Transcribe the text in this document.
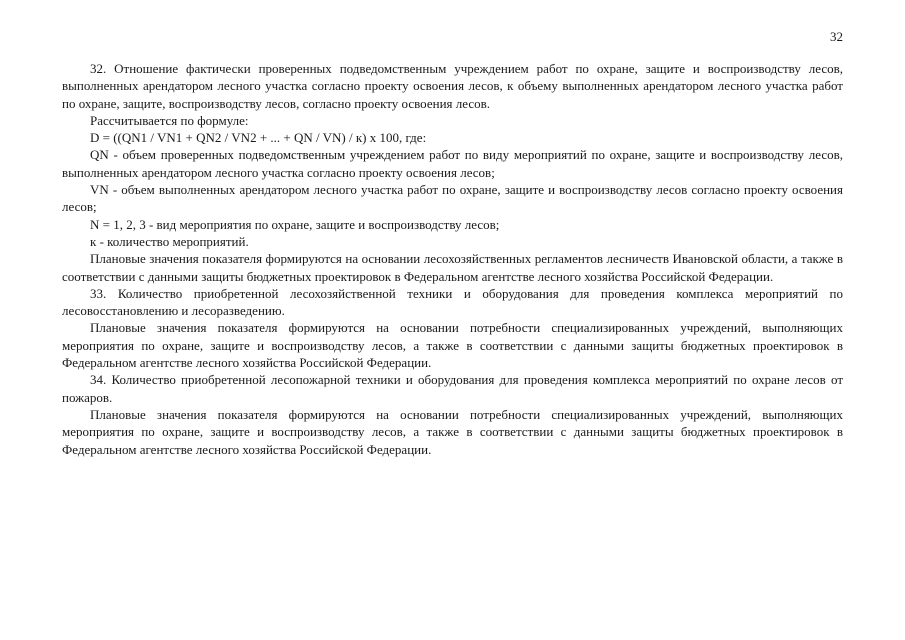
32

32. Отношение фактически проверенных подведомственным учреждением работ по охране, защите и воспроизводству лесов, выполненных арендатором лесного участка согласно проекту освоения лесов, к объему выполненных арендатором лесного участка работ по охране, защите, воспроизводству лесов, согласно проекту освоения лесов.

Рассчитывается по формуле:

D = ((QN1 / VN1 + QN2 / VN2 + ... + QN / VN) / к) x 100, где:

QN - объем проверенных подведомственным учреждением работ по виду мероприятий по охране, защите и воспроизводству лесов, выполненных арендатором лесного участка согласно проекту освоения лесов;

VN - объем выполненных арендатором лесного участка работ по охране, защите и воспроизводству лесов согласно проекту освоения лесов;

N = 1, 2, 3 - вид мероприятия по охране, защите и воспроизводству лесов;

к - количество мероприятий.

Плановые значения показателя формируются на основании лесохозяйственных регламентов лесничеств Ивановской области, а также в соответствии с данными защиты бюджетных проектировок в Федеральном агентстве лесного хозяйства Российской Федерации.

33. Количество приобретенной лесохозяйственной техники и оборудования для проведения комплекса мероприятий по лесовосстановлению и лесоразведению.

Плановые значения показателя формируются на основании потребности специализированных учреждений, выполняющих мероприятия по охране, защите и воспроизводству лесов, а также в соответствии с данными защиты бюджетных проектировок в Федеральном агентстве лесного хозяйства Российской Федерации.

34. Количество приобретенной лесопожарной техники и оборудования для проведения комплекса мероприятий по охране лесов от пожаров.

Плановые значения показателя формируются на основании потребности специализированных учреждений, выполняющих мероприятия по охране, защите и воспроизводству лесов, а также в соответствии с данными защиты бюджетных проектировок в Федеральном агентстве лесного хозяйства Российской Федерации.
